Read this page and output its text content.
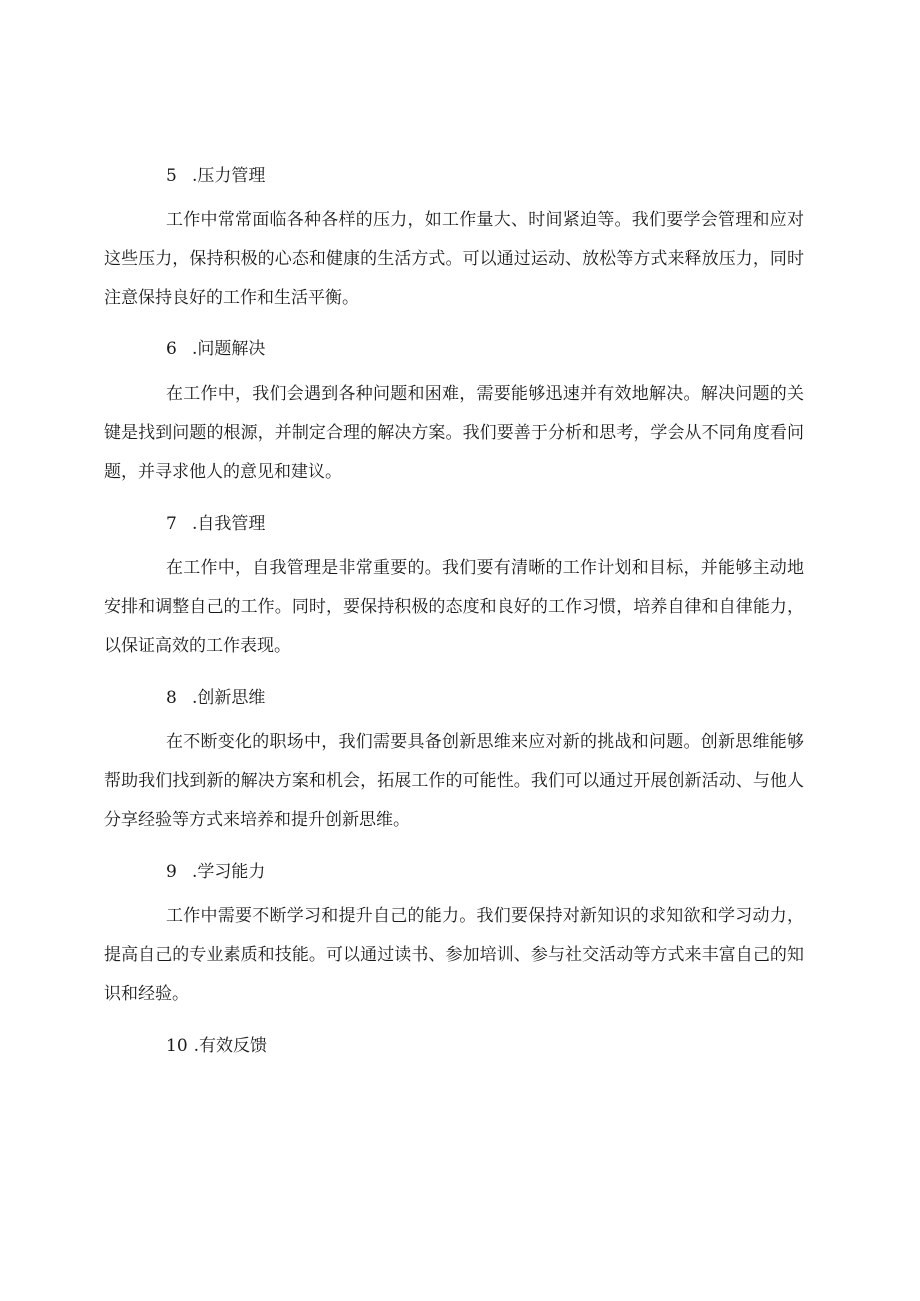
5 .压力管理

工作中常常面临各种各样的压力，如工作量大、时间紧迫等。我们要学会管理和应对这些压力，保持积极的心态和健康的生活方式。可以通过运动、放松等方式来释放压力，同时注意保持良好的工作和生活平衡。

6 .问题解决

在工作中，我们会遇到各种问题和困难，需要能够迅速并有效地解决。解决问题的关键是找到问题的根源，并制定合理的解决方案。我们要善于分析和思考，学会从不同角度看问题，并寻求他人的意见和建议。

7 .自我管理

在工作中，自我管理是非常重要的。我们要有清晰的工作计划和目标，并能够主动地安排和调整自己的工作。同时，要保持积极的态度和良好的工作习惯，培养自律和自律能力，以保证高效的工作表现。

8 .创新思维

在不断变化的职场中，我们需要具备创新思维来应对新的挑战和问题。创新思维能够帮助我们找到新的解决方案和机会，拓展工作的可能性。我们可以通过开展创新活动、与他人分享经验等方式来培养和提升创新思维。

9 .学习能力

工作中需要不断学习和提升自己的能力。我们要保持对新知识的求知欲和学习动力，提高自己的专业素质和技能。可以通过读书、参加培训、参与社交活动等方式来丰富自己的知识和经验。

10 .有效反馈
